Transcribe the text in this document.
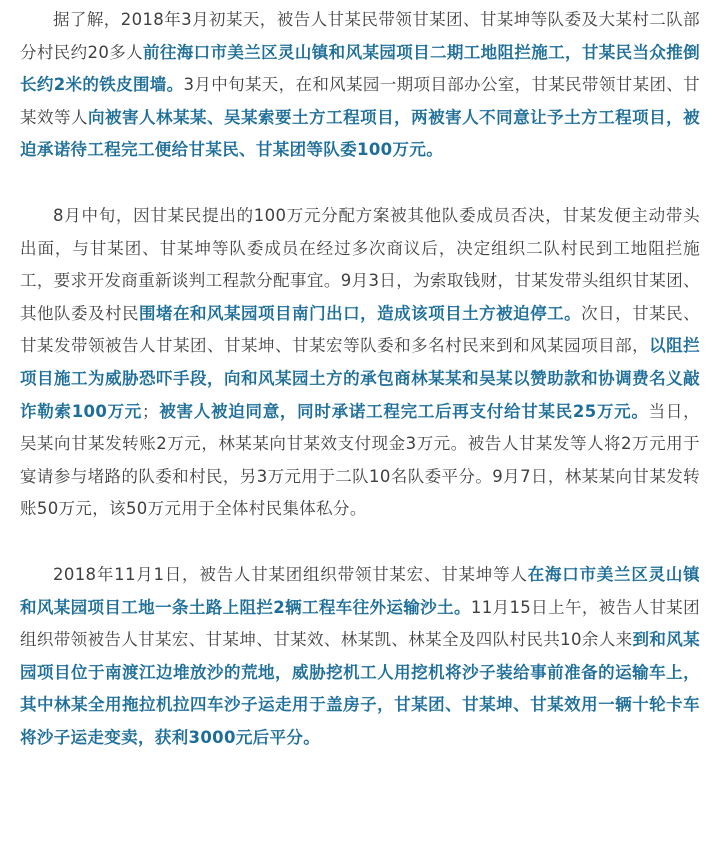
据了解，2018年3月初某天，被告人甘某民带领甘某团、甘某坤等队委及大某村二队部分村民约20多人前往海口市美兰区灵山镇和风某园项目二期工地阻拦施工，甘某民当众推倒长约2米的铁皮围墙。3月中旬某天，在和风某园一期项目部办公室，甘某民带领甘某团、甘某效等人向被害人林某某、吴某索要土方工程项目，两被害人不同意让予土方工程项目，被迫承诺待工程完工便给甘某民、甘某团等队委100万元。

8月中旬，因甘某民提出的100万元分配方案被其他队委成员否决，甘某发便主动带头出面，与甘某团、甘某坤等队委成员在经过多次商议后，决定组织二队村民到工地阻拦施工，要求开发商重新谈判工程款分配事宜。9月3日，为索取钱财，甘某发带头组织甘某团、其他队委及村民围堵在和风某园项目南门出口，造成该项目土方被迫停工。次日，甘某民、甘某发带领被告人甘某团、甘某坤、甘某宏等队委和多名村民来到和风某园项目部，以阻拦项目施工为威胁恐吓手段，向和风某园土方的承包商林某某和吴某以赞助款和协调费名义敲诈勒索100万元；被害人被迫同意，同时承诺工程完工后再支付给甘某民25万元。当日，吴某向甘某发转账2万元，林某某向甘某效支付现金3万元。被告人甘某发等人将2万元用于宴请参与堵路的队委和村民，另3万元用于二队10名队委平分。9月7日，林某某向甘某发转账50万元，该50万元用于全体村民集体私分。

2018年11月1日，被告人甘某团组织带领甘某宏、甘某坤等人在海口市美兰区灵山镇和风某园项目工地一条土路上阻拦2辆工程车往外运输沙土。11月15日上午，被告人甘某团组织带领被告人甘某宏、甘某坤、甘某效、林某凯、林某全及四队村民共10余人来到和风某园项目位于南渡江边堆放沙的荒地，威胁挖机工人用挖机将沙子装给事前准备的运输车上，其中林某全用拖拉机拉四车沙子运走用于盖房子，甘某团、甘某坤、甘某效用一辆十轮卡车将沙子运走变卖，获利3000元后平分。
